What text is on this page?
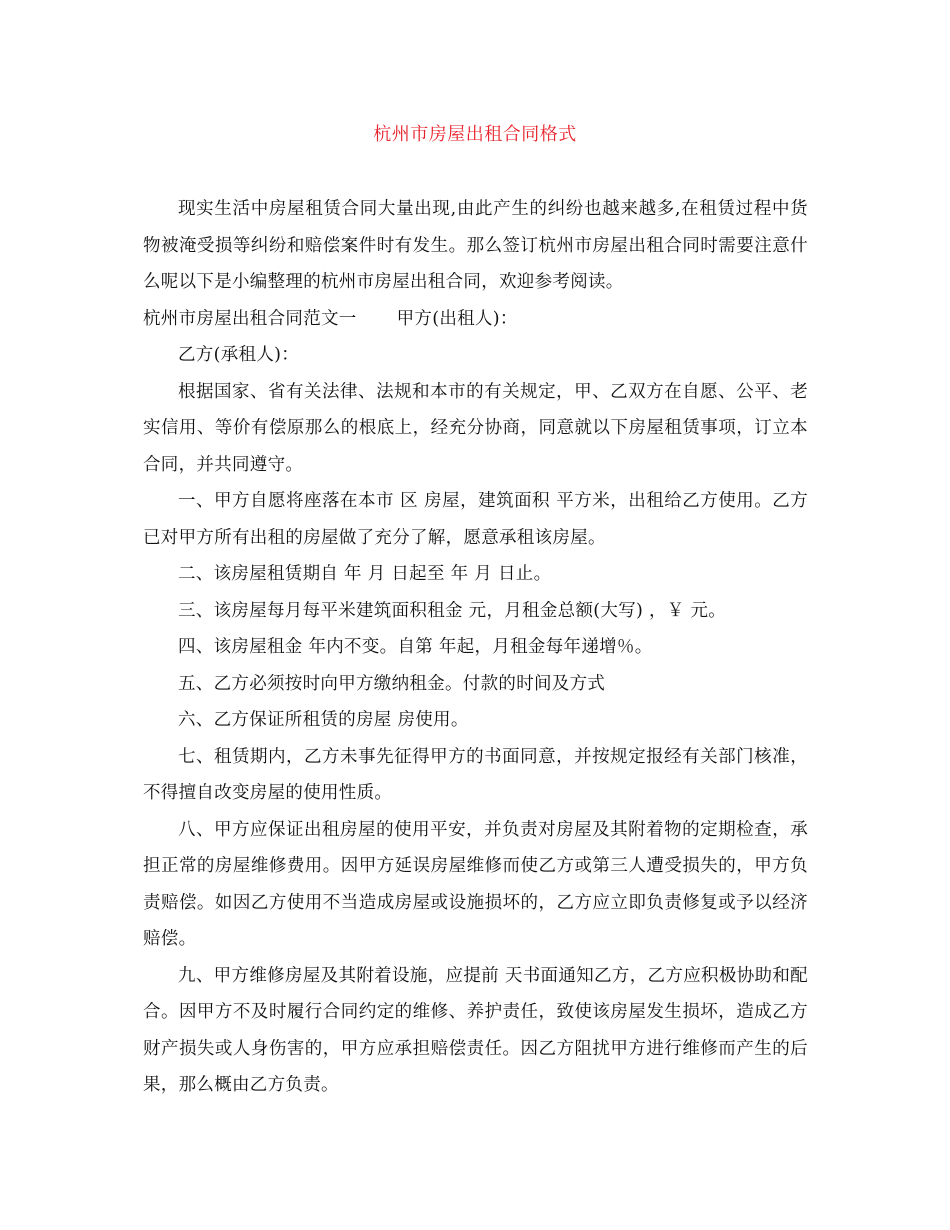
杭州市房屋出租合同格式

现实生活中房屋租赁合同大量出现,由此产生的纠纷也越来越多,在租赁过程中货物被淹受损等纠纷和赔偿案件时有发生。那么签订杭州市房屋出租合同时需要注意什么呢以下是小编整理的杭州市房屋出租合同，欢迎参考阅读。

杭州市房屋出租合同范文一 甲方(出租人)：

乙方(承租人)：

根据国家、省有关法律、法规和本市的有关规定，甲、乙双方在自愿、公平、老实信用、等价有偿原那么的根底上，经充分协商，同意就以下房屋租赁事项，订立本合同，并共同遵守。

一、甲方自愿将座落在本市 区 房屋，建筑面积 平方米，出租给乙方使用。乙方已对甲方所有出租的房屋做了充分了解，愿意承租该房屋。

二、该房屋租赁期自 年 月 日起至 年 月 日止。

三、该房屋每月每平米建筑面积租金 元，月租金总额(大写) ，￥ 元。

四、该房屋租金 年内不变。自第 年起，月租金每年递增％。

五、乙方必须按时向甲方缴纳租金。付款的时间及方式

六、乙方保证所租赁的房屋 房使用。

七、租赁期内，乙方未事先征得甲方的书面同意，并按规定报经有关部门核准，不得擅自改变房屋的使用性质。

八、甲方应保证出租房屋的使用平安，并负责对房屋及其附着物的定期检查，承担正常的房屋维修费用。因甲方延误房屋维修而使乙方或第三人遭受损失的，甲方负责赔偿。如因乙方使用不当造成房屋或设施损坏的，乙方应立即负责修复或予以经济赔偿。

九、甲方维修房屋及其附着设施，应提前 天书面通知乙方，乙方应积极协助和配合。因甲方不及时履行合同约定的维修、养护责任，致使该房屋发生损坏，造成乙方财产损失或人身伤害的，甲方应承担赔偿责任。因乙方阻扰甲方进行维修而产生的后果，那么概由乙方负责。
